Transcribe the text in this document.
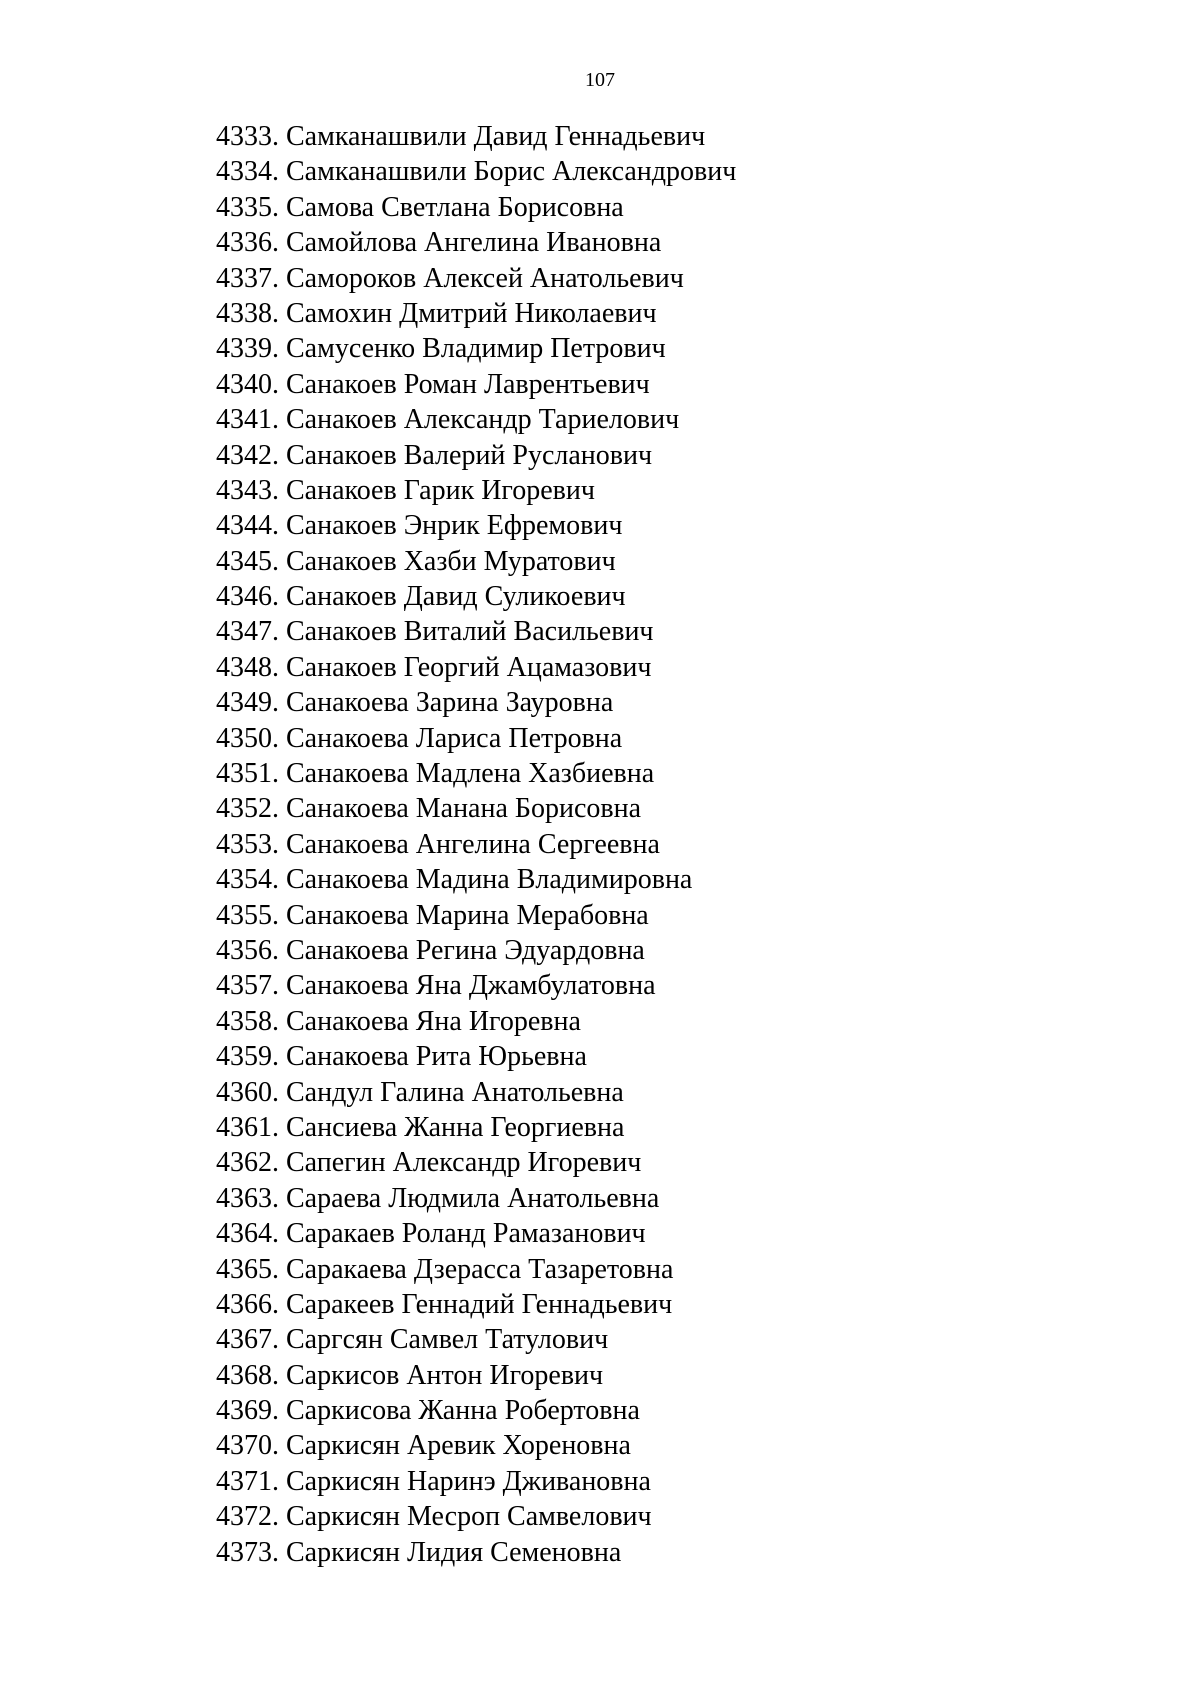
107
4333. Самканашвили Давид Геннадьевич
4334. Самканашвили Борис Александрович
4335. Самова Светлана Борисовна
4336. Самойлова Ангелина Ивановна
4337. Самороков Алексей Анатольевич
4338. Самохин Дмитрий Николаевич
4339. Самусенко Владимир Петрович
4340. Санакоев Роман Лаврентьевич
4341. Санакоев Александр Тариелович
4342. Санакоев Валерий Русланович
4343. Санакоев Гарик Игоревич
4344. Санакоев Энрик Ефремович
4345. Санакоев Хазби Муратович
4346. Санакоев Давид Суликоевич
4347. Санакоев Виталий Васильевич
4348. Санакоев Георгий Ацамазович
4349. Санакоева Зарина Зауровна
4350. Санакоева Лариса Петровна
4351. Санакоева Мадлена Хазбиевна
4352. Санакоева Манана Борисовна
4353. Санакоева Ангелина Сергеевна
4354. Санакоева Мадина Владимировна
4355. Санакоева Марина Мерабовна
4356. Санакоева Регина Эдуардовна
4357. Санакоева Яна Джамбулатовна
4358. Санакоева Яна Игоревна
4359. Санакоева Рита Юрьевна
4360. Сандул Галина Анатольевна
4361. Сансиева Жанна Георгиевна
4362. Сапегин Александр Игоревич
4363. Сараева Людмила Анатольевна
4364. Саракаев Роланд Рамазанович
4365. Саракаева Дзерасса Тазаретовна
4366. Саракеев Геннадий Геннадьевич
4367. Саргсян Самвел Татулович
4368. Саркисов Антон Игоревич
4369. Саркисова Жанна Робертовна
4370. Саркисян Аревик Хореновна
4371. Саркисян Наринэ Дживановна
4372. Саркисян Месроп Самвелович
4373. Саркисян Лидия Семеновна
